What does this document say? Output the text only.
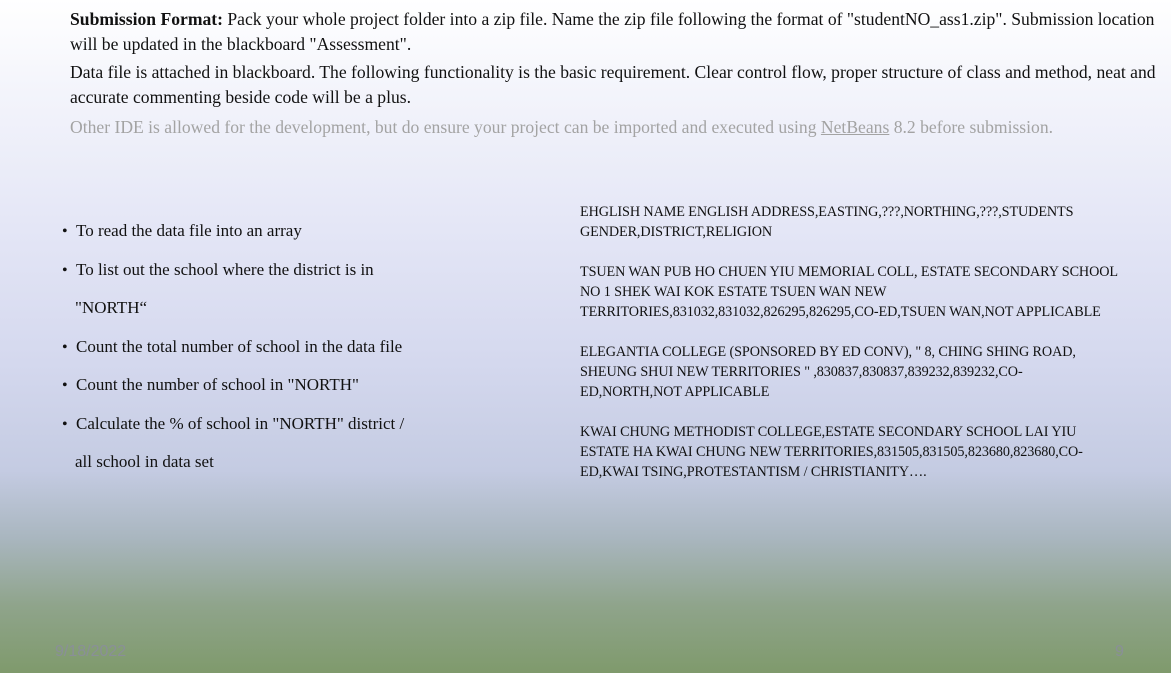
Submission Format: Pack your whole project folder into a zip file. Name the zip file following the format of "studentNO_ass1.zip". Submission location will be updated in the blackboard "Assessment".

Data file is attached in blackboard. The following functionality is the basic requirement. Clear control flow, proper structure of class and method, neat and accurate commenting beside code will be a plus.

Other IDE is allowed for the development, but do ensure your project can be imported and executed using NetBeans 8.2 before submission.

• To read the data file into an array
• To list out the school where the district is in
"NORTH“
• Count the total number of school in the data file
• Count the number of school in "NORTH"
• Calculate the % of school in "NORTH" district /
all school in data set

EHGLISH NAME ENGLISH ADDRESS,EASTING,???,NORTHING,???,STUDENTS GENDER,DISTRICT,RELIGION

TSUEN WAN PUB HO CHUEN YIU MEMORIAL COLL, ESTATE SECONDARY SCHOOL NO 1 SHEK WAI KOK ESTATE TSUEN WAN NEW TERRITORIES,831032,831032,826295,826295,CO-ED,TSUEN WAN,NOT APPLICABLE

ELEGANTIA COLLEGE (SPONSORED BY ED CONV), " 8, CHING SHING ROAD, SHEUNG SHUI NEW TERRITORIES " ,830837,830837,839232,839232,CO-ED,NORTH,NOT APPLICABLE

KWAI CHUNG METHODIST COLLEGE,ESTATE SECONDARY SCHOOL LAI YIU ESTATE HA KWAI CHUNG NEW TERRITORIES,831505,831505,823680,823680,CO-ED,KWAI TSING,PROTESTANTISM / CHRISTIANITY….

9/18/2022	9
